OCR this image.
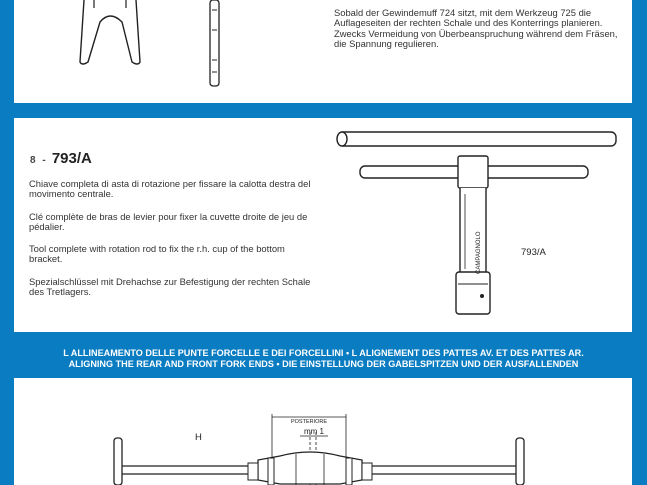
Sobald der Gewindemuff 724 sitzt, mit dem Werkzeug 725 die Auflageseiten der rechten Schale und des Konterrings planieren. Zwecks Vermeidung von Überbeanspruchung während dem Fräsen, die Spannung regulieren.

8 - 793/A

Chiave completa di asta di rotazione per fissare la calotta destra del movimento centrale.

Clé complète de bras de levier pour fixer la cuvette droite de jeu de pédalier.

Tool complete with rotation rod to fix the r.h. cup of the bottom bracket.

Spezialschlüssel mit Drehachse zur Befestigung der rechten Schale des Tretlagers.

CAMPAGNOLO	793/A
L ALLINEAMENTO DELLE PUNTE FORCELLE E DEI FORCELLINI • L ALIGNEMENT DES PATTES AV. ET DES PATTES AR.
ALIGNING THE REAR AND FRONT FORK ENDS • DIE EINSTELLUNG DER GABELSPITZEN UND DER AUSFALLENDEN
H
POSTERIORE
mm 1
